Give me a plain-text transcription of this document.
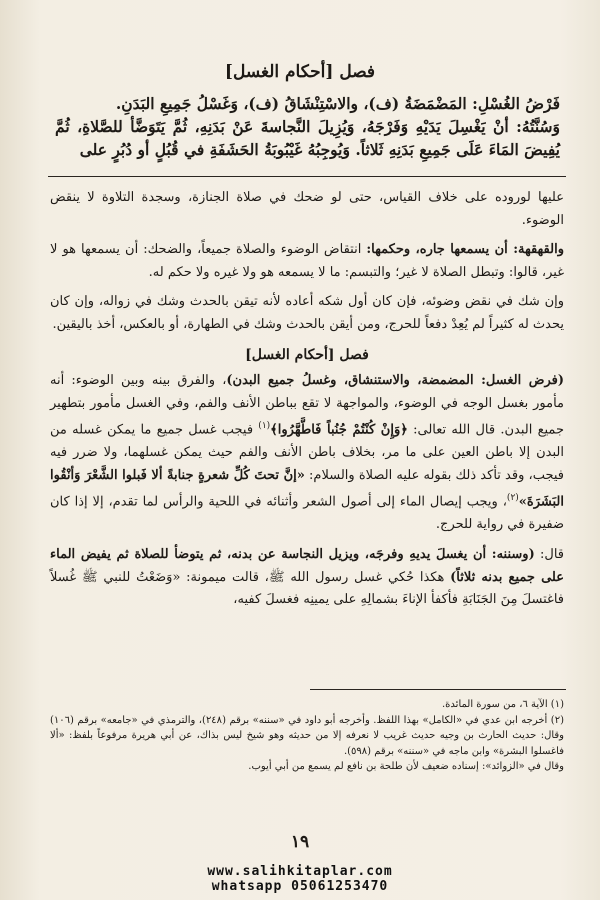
فصل [أحكام الغسل]

فَرْضُ الغُسْلِ: المَضْمَضَةُ (ف)، والاسْتِنْشَاقُ (ف)، وَغَسْلُ جَمِيعِ البَدَنِ.

وَسُنَّتُهُ: أنْ يَغْسِلَ يَدَيْهِ وَفَرْجَهُ، وَيُزِيلَ النَّجاسةَ عَنْ بَدَنِهِ، ثُمَّ يَتَوَضَّأ للصَّلاةِ، ثُمَّ يُفِيضَ المَاءَ عَلَى جَمِيعِ بَدَنِهِ ثَلاثاً. وَيُوجِبُهُ غَيْبُوبَةُ الحَشَفَةِ في قُبُلٍ أو دُبُرٍ على

عليها لوروده على خلاف القياس، حتى لو ضحك في صلاة الجنازة، وسجدة التلاوة لا ينقض الوضوء.

والقهقهة: أن يسمعها جاره، وحكمها: انتقاض الوضوء والصلاة جميعاً، والضحك: أن يسمعها هو لا غير، قالوا: وتبطل الصلاة لا غير؛ والتبسم: ما لا يسمعه هو ولا غيره ولا حكم له.

وإن شك في نقض وضوئه، فإن كان أول شكه أعاده لأنه تيقن بالحدث وشك في زواله، وإن كان يحدث له كثيراً لم يُعِدْ دفعاً للحرج، ومن أيقن بالحدث وشك في الطهارة، أو بالعكس، أخذ باليقين.

فصل [أحكام الغسل]

(فرض الغسل: المضمضة، والاستنشاق، وغسلُ جميع البدن)، والفرق بينه وبين الوضوء: أنه مأمور بغسل الوجه في الوضوء، والمواجهة لا تقع بباطن الأنف والفم، وفي الغسل مأمور بتطهير جميع البدن. قال الله تعالى: ﴿وَإِنْ كُنْتُمْ جُنُباً فَاطَّهَّرُوا﴾$^{(١)}$ فيجب غسل جميع ما يمكن غسله من البدن إلا باطن العين على ما مر، بخلاف باطن الأنف والفم حيث يمكن غسلهما، ولا ضرر فيه فيجب، وقد تأكد ذلك بقوله عليه الصلاة والسلام: «إنَّ تحتَ كُلِّ شعرةٍ جنابةً ألا فَبلوا الشَّعْرَ وَأنْقُوا البَشَرَةَ»$^{(٢)}$، ويجب إيصال الماء إلى أصول الشعر وأثنائه في اللحية والرأس لما تقدم، إلا إذا كان ضفيرة في رواية للحرج.

قال: (وسننه: أن يغسلَ يديهِ وفرجَه، ويزيل النجاسة عن بدنه، ثم يتوضأ للصلاة ثم يفيض الماء على جميع بدنه ثلاثاً) هكذا حُكي غسل رسول الله ﷺ، قالت ميمونة: «وَضَعْتُ للنبي ﷺ غُسلاً فاغتسلَ مِنَ الجَنَابَةِ فأكفأ الإناءَ بشمالِهِ على يمينِه فغسلَ كفيه،

(١) الآية ٦، من سورة المائدة.

(٢) أخرجه ابن عدي في «الكامل» بهذا اللفظ. وأخرجه أبو داود في «سننه» برقم (٢٤٨)، والترمذي في «جامعه» برقم (١٠٦) وقال: حديث الحارث بن وجيه حديث غريب لا نعرفه إلا من حديثه وهو شيخ ليس بذاك، عن أبي هريرة مرفوعاً بلفظ: «ألا فاغسلوا البشرة» وابن ماجه في «سننه» برقم (٥٩٨).

وقال في «الزوائد»: إسناده ضعيف لأن طلحة بن نافع لم يسمع من أبي أيوب.

١٩
www.salihkitaplar.com
whatsapp 05061253470
